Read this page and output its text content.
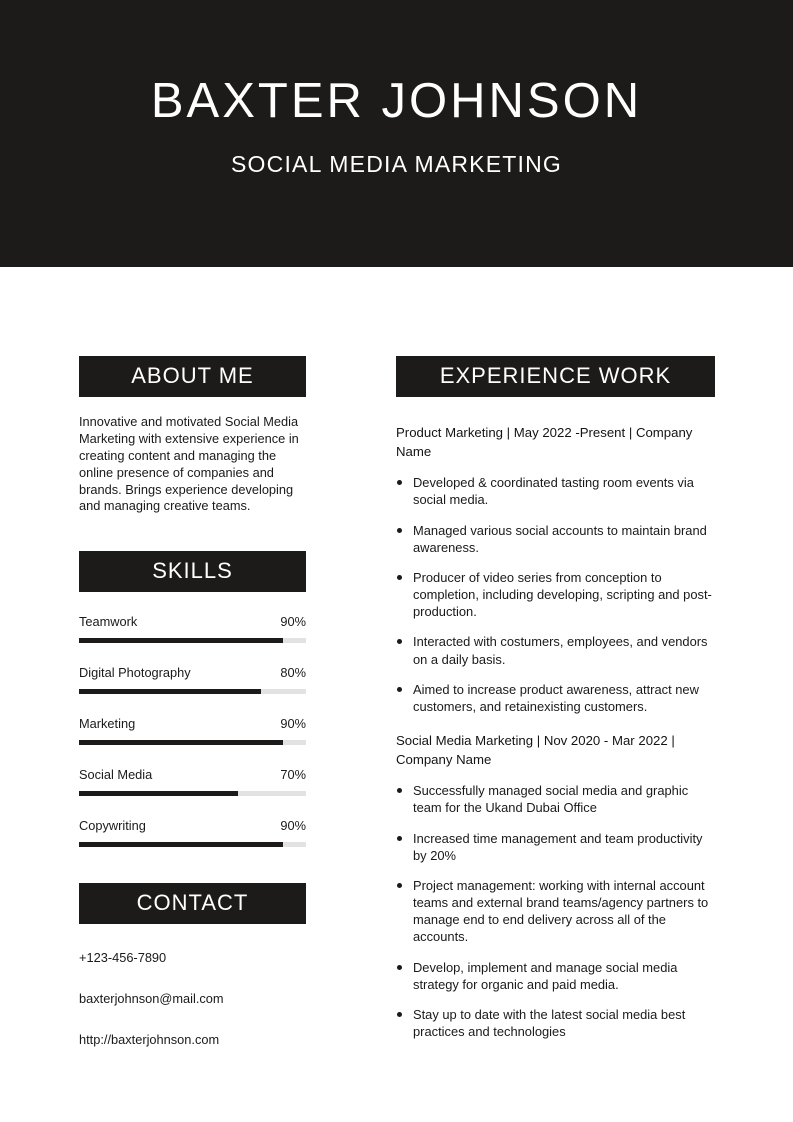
BAXTER JOHNSON
SOCIAL MEDIA MARKETING
ABOUT ME

Innovative and motivated Social Media Marketing with extensive experience in creating content and managing the online presence of companies and brands. Brings experience developing and managing creative teams.

SKILLS
Teamwork	90%
Digital Photography	80%
Marketing	90%
Social Media	70%
Copywriting	90%
CONTACT
+123-456-7890
baxterjohnson@mail.com
http://baxterjohnson.com
EXPERIENCE WORK
Product Marketing | May 2022 -Present | Company Name
Developed & coordinated tasting room events via social media.
Managed various social accounts to maintain brand awareness.
Producer of video series from conception to completion, including developing, scripting and post-production.
Interacted with costumers, employees, and vendors on a daily basis.
Aimed to increase product awareness, attract new customers, and retainexisting customers.
Social Media Marketing | Nov 2020 - Mar 2022 | Company Name
Successfully managed social media and graphic team for the Ukand Dubai Office
Increased time management and team productivity by 20%
Project management: working with internal account teams and external brand teams/agency partners to manage end to end delivery across all of the accounts.
Develop, implement and manage social media strategy for organic and paid media.
Stay up to date with the latest social media best practices and technologies
